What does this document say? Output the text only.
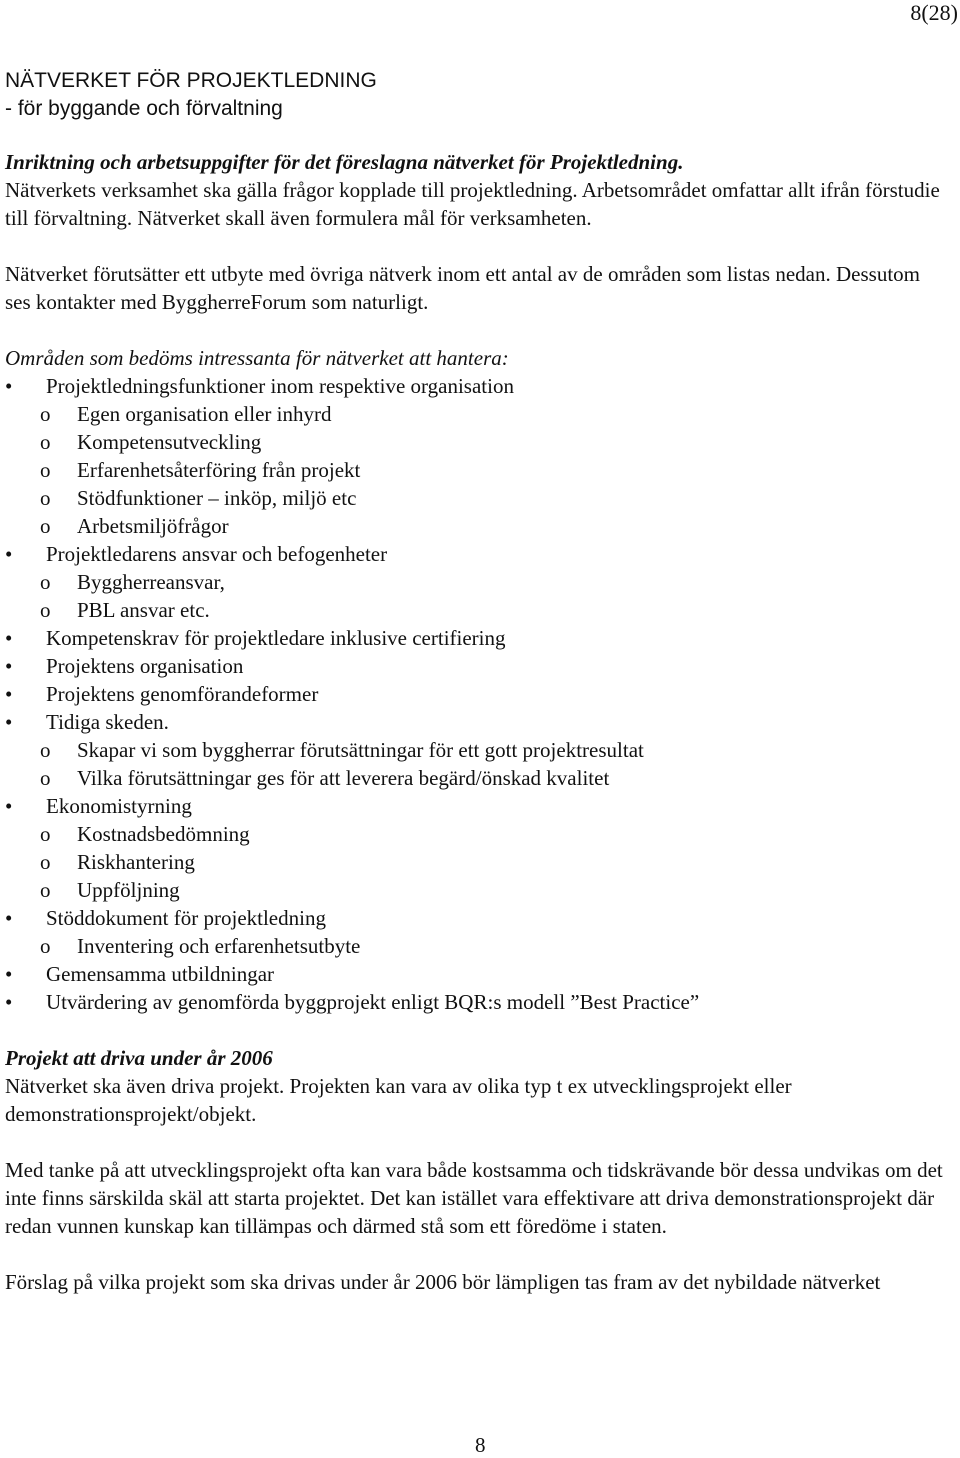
8(28)
NÄTVERKET FÖR PROJEKTLEDNING
- för byggande och förvaltning

Inriktning och arbetsuppgifter för det föreslagna nätverket för Projektledning.

Nätverkets verksamhet ska gälla frågor kopplade till projektledning. Arbetsområdet omfattar allt ifrån förstudie till förvaltning. Nätverket skall även formulera mål för verksamheten.

Nätverket förutsätter ett utbyte med övriga nätverk inom ett antal av de områden som listas nedan. Dessutom ses kontakter med ByggherreForum som naturligt.

Områden som bedöms intressanta för nätverket att hantera:

• Projektledningsfunktioner inom respektive organisation
o Egen organisation eller inhyrd
o Kompetensutveckling
o Erfarenhetsåterföring från projekt
o Stödfunktioner – inköp, miljö etc
o Arbetsmiljöfrågor
• Projektledarens ansvar och befogenheter
o Byggherreansvar,
o PBL ansvar etc.
• Kompetenskrav för projektledare inklusive certifiering
• Projektens organisation
• Projektens genomförandeformer
• Tidiga skeden.
o Skapar vi som byggherrar förutsättningar för ett gott projektresultat
o Vilka förutsättningar ges för att leverera begärd/önskad kvalitet
• Ekonomistyrning
o Kostnadsbedömning
o Riskhantering
o Uppföljning
• Stöddokument för projektledning
o Inventering och erfarenhetsutbyte
• Gemensamma utbildningar
• Utvärdering av genomförda byggprojekt enligt BQR:s modell ”Best Practice”

Projekt att driva under år 2006

Nätverket ska även driva projekt. Projekten kan vara av olika typ t ex utvecklingsprojekt eller demonstrationsprojekt/objekt.

Med tanke på att utvecklingsprojekt ofta kan vara både kostsamma och tidskrävande bör dessa undvikas om det inte finns särskilda skäl att starta projektet. Det kan istället vara effektivare att driva demonstrationsprojekt där redan vunnen kunskap kan tillämpas och därmed stå som ett föredöme i staten.

Förslag på vilka projekt som ska drivas under år 2006 bör lämpligen tas fram av det nybildade nätverket

8
